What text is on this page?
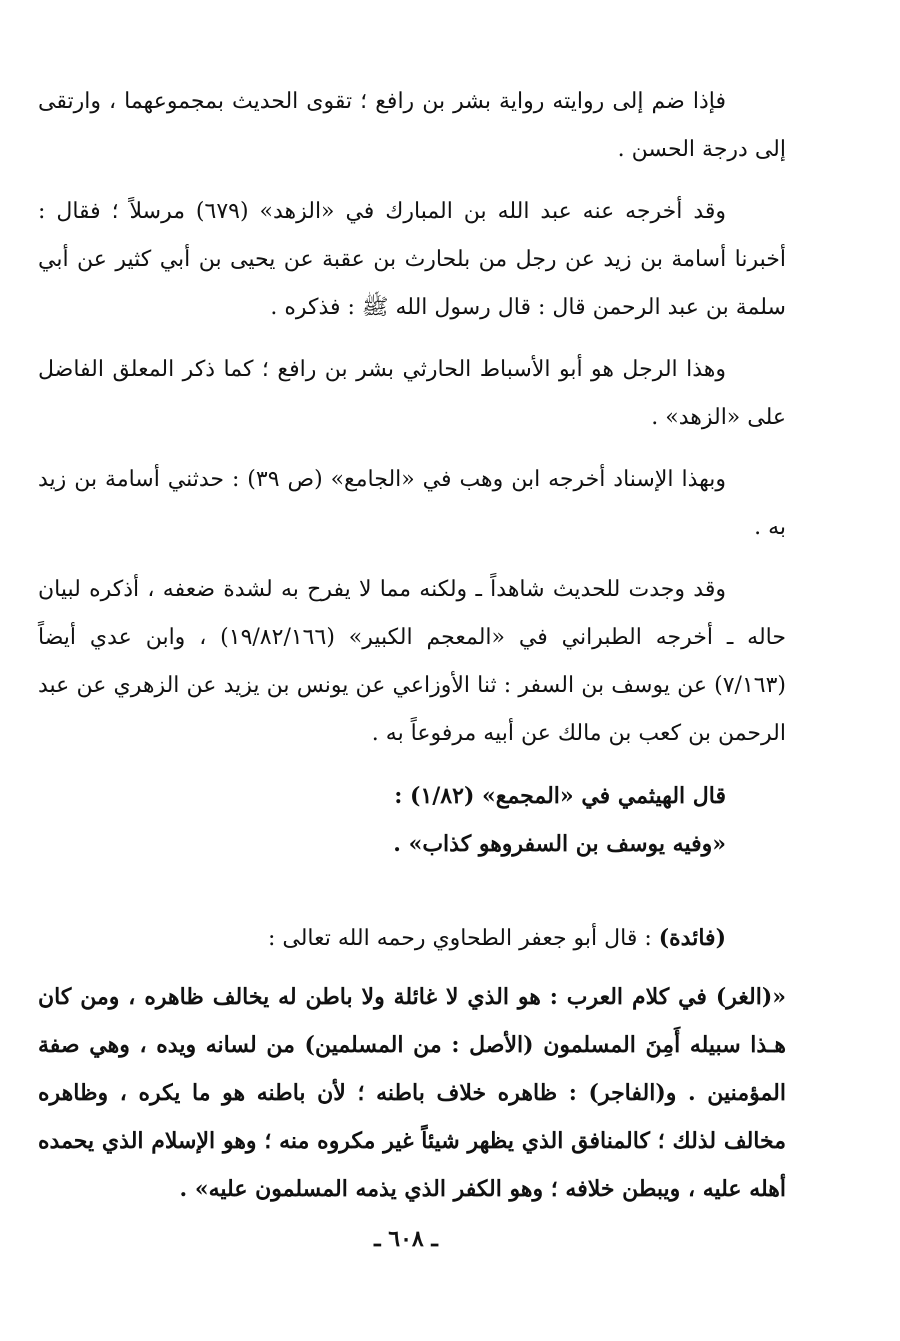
فإذا ضم إلى روايته رواية بشر بن رافع ؛ تقوى الحديث بمجموعهما ، وارتقى إلى درجة الحسن .

وقد أخرجه عنه عبد الله بن المبارك في «الزهد» (٦٧٩) مرسلاً ؛ فقال : أخبرنا أسامة بن زيد عن رجل من بلحارث بن عقبة عن يحيى بن أبي كثير عن أبي سلمة بن عبد الرحمن قال : قال رسول الله ﷺ : فذكره .

وهذا الرجل هو أبو الأسباط الحارثي بشر بن رافع ؛ كما ذكر المعلق الفاضل على «الزهد» .

وبهذا الإسناد أخرجه ابن وهب في «الجامع» (ص ٣٩) : حدثني أسامة بن زيد به .

وقد وجدت للحديث شاهداً ـ ولكنه مما لا يفرح به لشدة ضعفه ، أذكره لبيان حاله ـ أخرجه الطبراني في «المعجم الكبير» (١٩/٨٢/١٦٦) ، وابن عدي أيضاً (٧/١٦٣) عن يوسف بن السفر : ثنا الأوزاعي عن يونس بن يزيد عن الزهري عن عبد الرحمن بن كعب بن مالك عن أبيه مرفوعاً به .

قال الهيثمي في «المجمع» (١/٨٢) :

«وفيه يوسف بن السفروهو كذاب» .

(فائدة) : قال أبو جعفر الطحاوي رحمه الله تعالى :

«(الغر) في كلام العرب : هو الذي لا غائلة ولا باطن له يخالف ظاهره ، ومن كان هـذا سبيله أَمِنَ المسلمون (الأصل : من المسلمين) من لسانه ويده ، وهي صفة المؤمنين . و(الفاجر) : ظاهره خلاف باطنه ؛ لأن باطنه هو ما يكره ، وظاهره مخالف لذلك ؛ كالمنافق الذي يظهر شيئاً غير مكروه منه ؛ وهو الإسلام الذي يحمده أهله عليه ، ويبطن خلافه ؛ وهو الكفر الذي يذمه المسلمون عليه» .

ـ ٦٠٨ ـ
